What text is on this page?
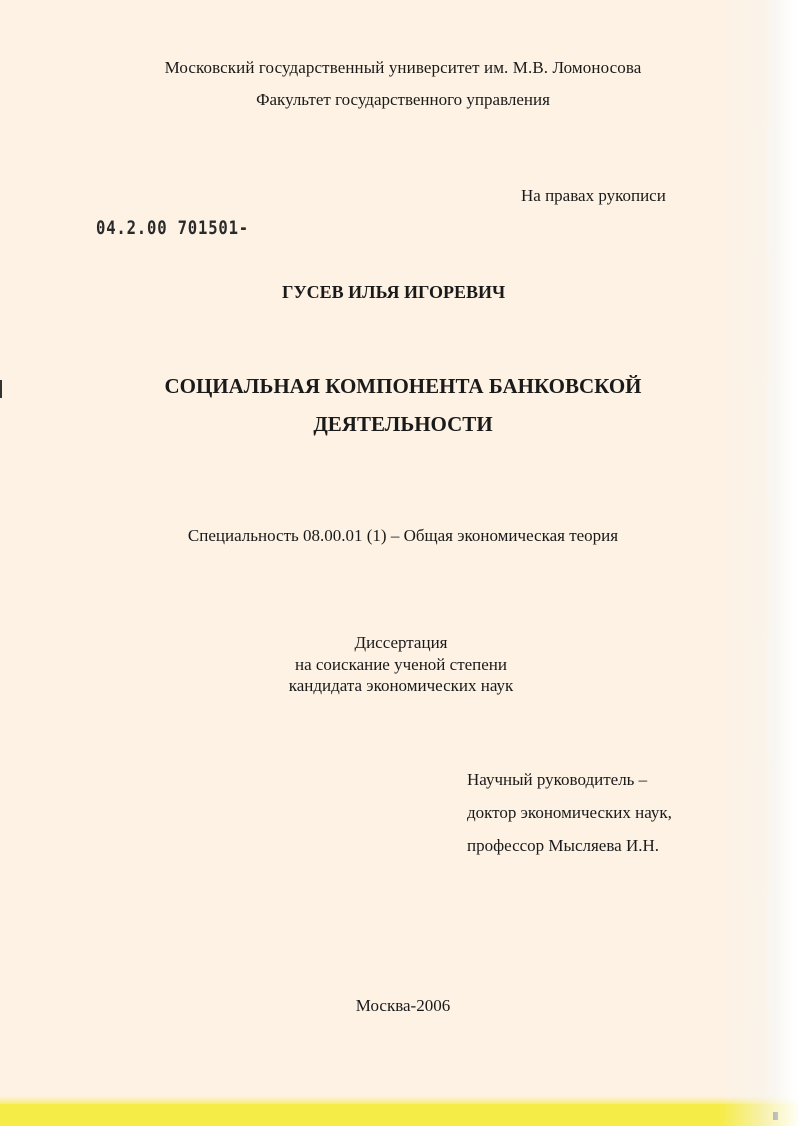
Московский государственный университет им. М.В. Ломоносова
Факультет государственного управления
На правах рукописи
04.2.00 701501-
ГУСЕВ ИЛЬЯ ИГОРЕВИЧ
СОЦИАЛЬНАЯ КОМПОНЕНТА БАНКОВСКОЙ
ДЕЯТЕЛЬНОСТИ
Специальность 08.00.01 (1) – Общая экономическая теория
Диссертация
на соискание ученой степени
кандидата экономических наук
Научный руководитель –
доктор экономических наук,
профессор Мысляева И.Н.
Москва-2006
